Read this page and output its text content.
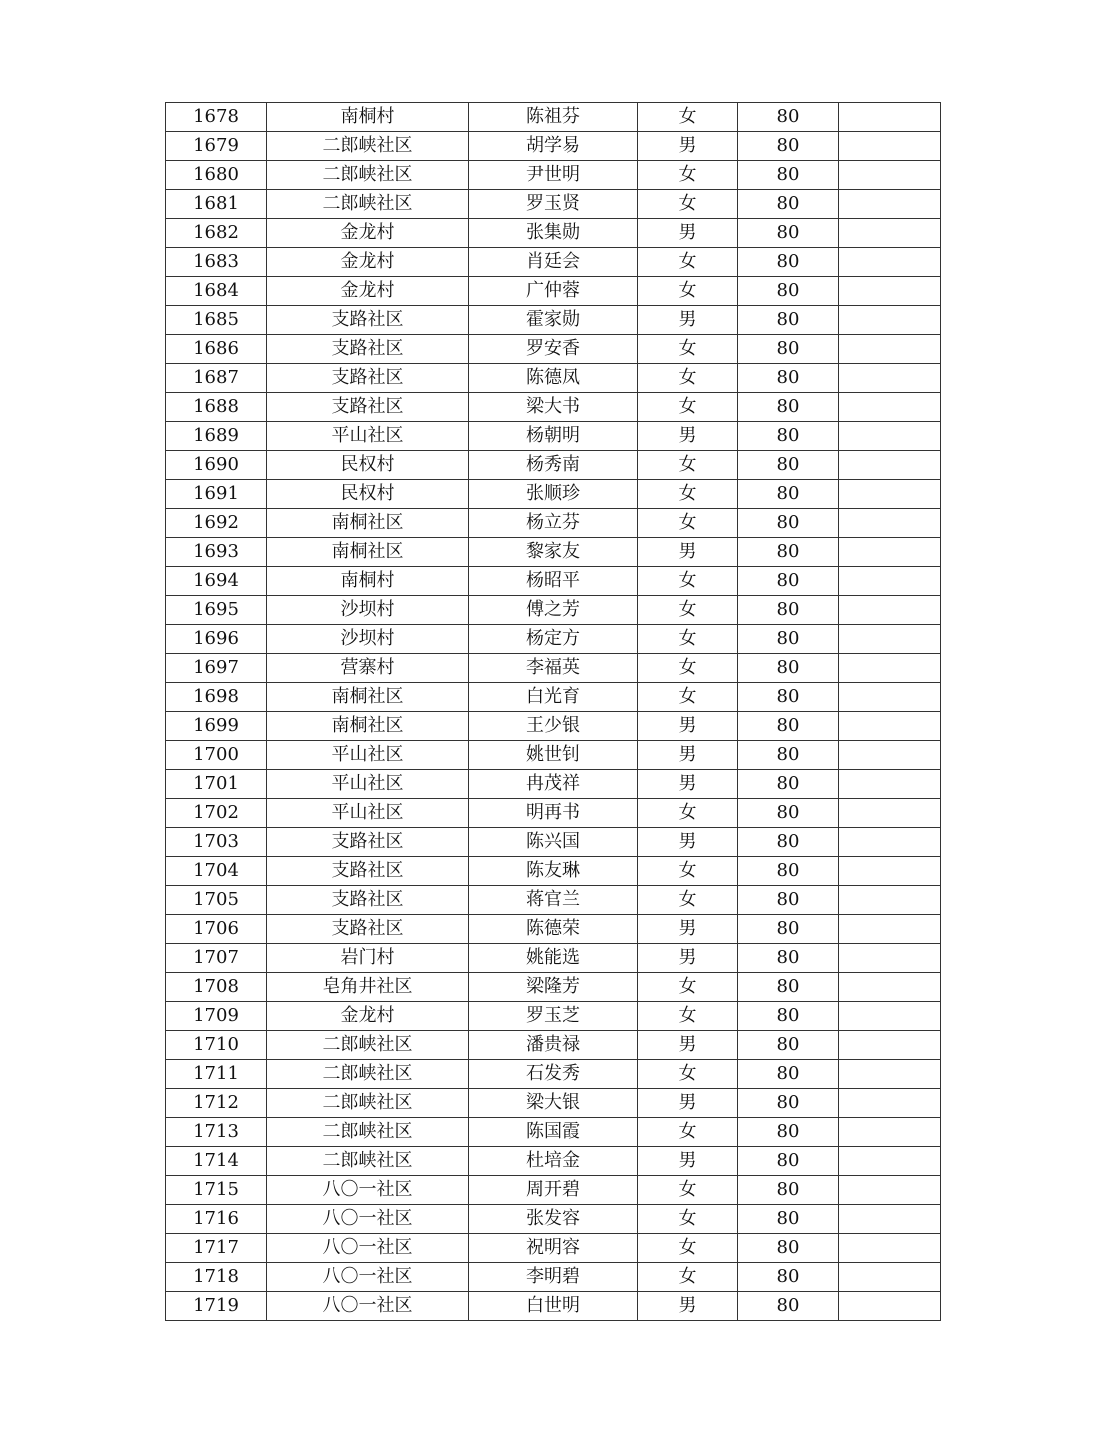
1678	南桐村	陈祖芬	女	80	
1679	二郎峡社区	胡学易	男	80	
1680	二郎峡社区	尹世明	女	80	
1681	二郎峡社区	罗玉贤	女	80	
1682	金龙村	张集勋	男	80	
1683	金龙村	肖廷会	女	80	
1684	金龙村	广仲蓉	女	80	
1685	支路社区	霍家勋	男	80	
1686	支路社区	罗安香	女	80	
1687	支路社区	陈德凤	女	80	
1688	支路社区	梁大书	女	80	
1689	平山社区	杨朝明	男	80	
1690	民权村	杨秀南	女	80	
1691	民权村	张顺珍	女	80	
1692	南桐社区	杨立芬	女	80	
1693	南桐社区	黎家友	男	80	
1694	南桐村	杨昭平	女	80	
1695	沙坝村	傅之芳	女	80	
1696	沙坝村	杨定方	女	80	
1697	营寨村	李福英	女	80	
1698	南桐社区	白光育	女	80	
1699	南桐社区	王少银	男	80	
1700	平山社区	姚世钊	男	80	
1701	平山社区	冉茂祥	男	80	
1702	平山社区	明再书	女	80	
1703	支路社区	陈兴国	男	80	
1704	支路社区	陈友琳	女	80	
1705	支路社区	蒋官兰	女	80	
1706	支路社区	陈德荣	男	80	
1707	岩门村	姚能选	男	80	
1708	皂角井社区	梁隆芳	女	80	
1709	金龙村	罗玉芝	女	80	
1710	二郎峡社区	潘贵禄	男	80	
1711	二郎峡社区	石发秀	女	80	
1712	二郎峡社区	梁大银	男	80	
1713	二郎峡社区	陈国霞	女	80	
1714	二郎峡社区	杜培金	男	80	
1715	八〇一社区	周开碧	女	80	
1716	八〇一社区	张发容	女	80	
1717	八〇一社区	祝明容	女	80	
1718	八〇一社区	李明碧	女	80	
1719	八〇一社区	白世明	男	80	
